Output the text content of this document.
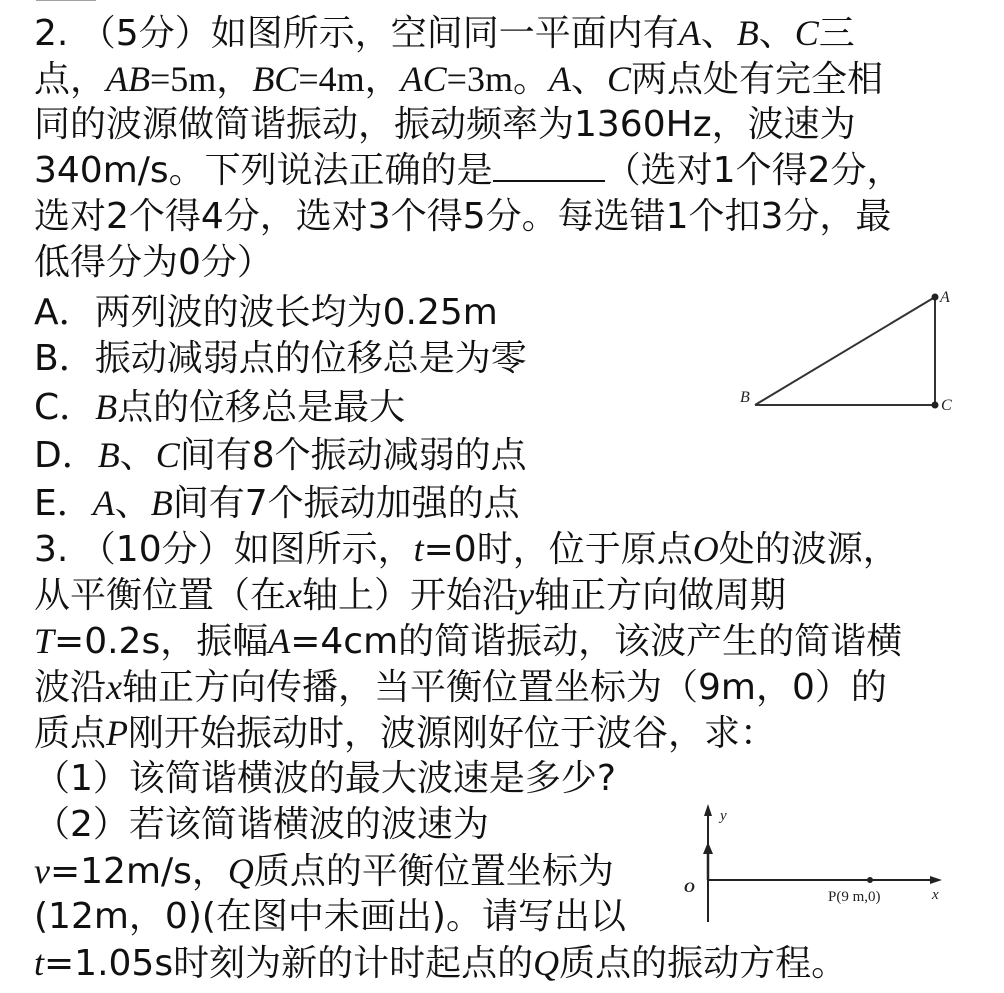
2. （5分）如图所示，空间同一平面内有A、B、C三
点，AB=5m，BC=4m，AC=3m。A、C两点处有完全相
同的波源做简谐振动，振动频率为1360Hz，波速为
340m/s。下列说法正确的是	（选对1个得2分，
选对2个得4分，选对3个得5分。每选错1个扣3分，最
低得分为0分）
A．两列波的波长均为0.25m
B．振动减弱点的位移总是为零
C．B点的位移总是最大
D．B、C间有8个振动减弱的点
E．A、B间有7个振动加强的点
A
C
B
3. （10分）如图所示，t=0时，位于原点O处的波源，
从平衡位置（在x轴上）开始沿y轴正方向做周期
T=0.2s，振幅A=4cm的简谐振动，该波产生的简谐横
波沿x轴正方向传播，当平衡位置坐标为（9m，0）的
质点P刚开始振动时，波源刚好位于波谷，求：
（1）该简谐横波的最大波速是多少?
（2）若该简谐横波的波速为
v=12m/s，Q质点的平衡位置坐标为
(12m，0)(在图中未画出)。请写出以
t=1.05s时刻为新的计时起点的Q质点的振动方程。
y
O	x
P(9 m,0)
